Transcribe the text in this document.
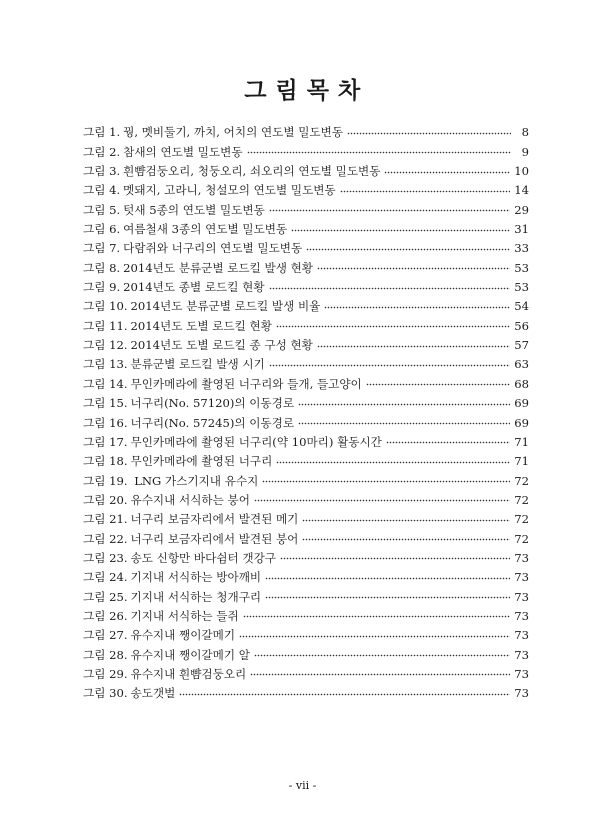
그 림 목 차
그림 1. 꿩, 멧비둘기, 까치, 어치의 연도별 밀도변동	8
그림 2. 참새의 연도별 밀도변동	9
그림 3. 흰뺨검둥오리, 청둥오리, 쇠오리의 연도별 밀도변동	10
그림 4. 멧돼지, 고라니, 청설모의 연도별 밀도변동	14
그림 5. 텃새 5종의 연도별 밀도변동	29
그림 6. 여름철새 3종의 연도별 밀도변동	31
그림 7. 다람쥐와 너구리의 연도별 밀도변동	33
그림 8. 2014년도 분류군별 로드킬 발생 현황	53
그림 9. 2014년도 종별 로드킬 현황	53
그림 10. 2014년도 분류군별 로드킬 발생 비율	54
그림 11. 2014년도 도별 로드킬 현황	56
그림 12. 2014년도 도별 로드킬 종 구성 현황	57
그림 13. 분류군별 로드킬 발생 시기	63
그림 14. 무인카메라에 촬영된 너구리와 들개, 들고양이	68
그림 15. 너구리(No. 57120)의 이동경로	69
그림 16. 너구리(No. 57245)의 이동경로	69
그림 17. 무인카메라에 촬영된 너구리(약 10마리) 활동시간	71
그림 18. 무인카메라에 촬영된 너구리	71
그림 19. LNG 가스기지내 유수지	72
그림 20. 유수지내 서식하는 붕어	72
그림 21. 너구리 보금자리에서 발견된 메기	72
그림 22. 너구리 보금자리에서 발견된 붕어	72
그림 23. 송도 신항만 바다쉼터 갯강구	73
그림 24. 기지내 서식하는 방아깨비	73
그림 25. 기지내 서식하는 청개구리	73
그림 26. 기지내 서식하는 들쥐	73
그림 27. 유수지내 쨍이갈메기	73
그림 28. 유수지내 쨍이갈메기 알	73
그림 29. 유수지내 흰뺨검둥오리	73
그림 30. 송도갯벌	73

- vii -
